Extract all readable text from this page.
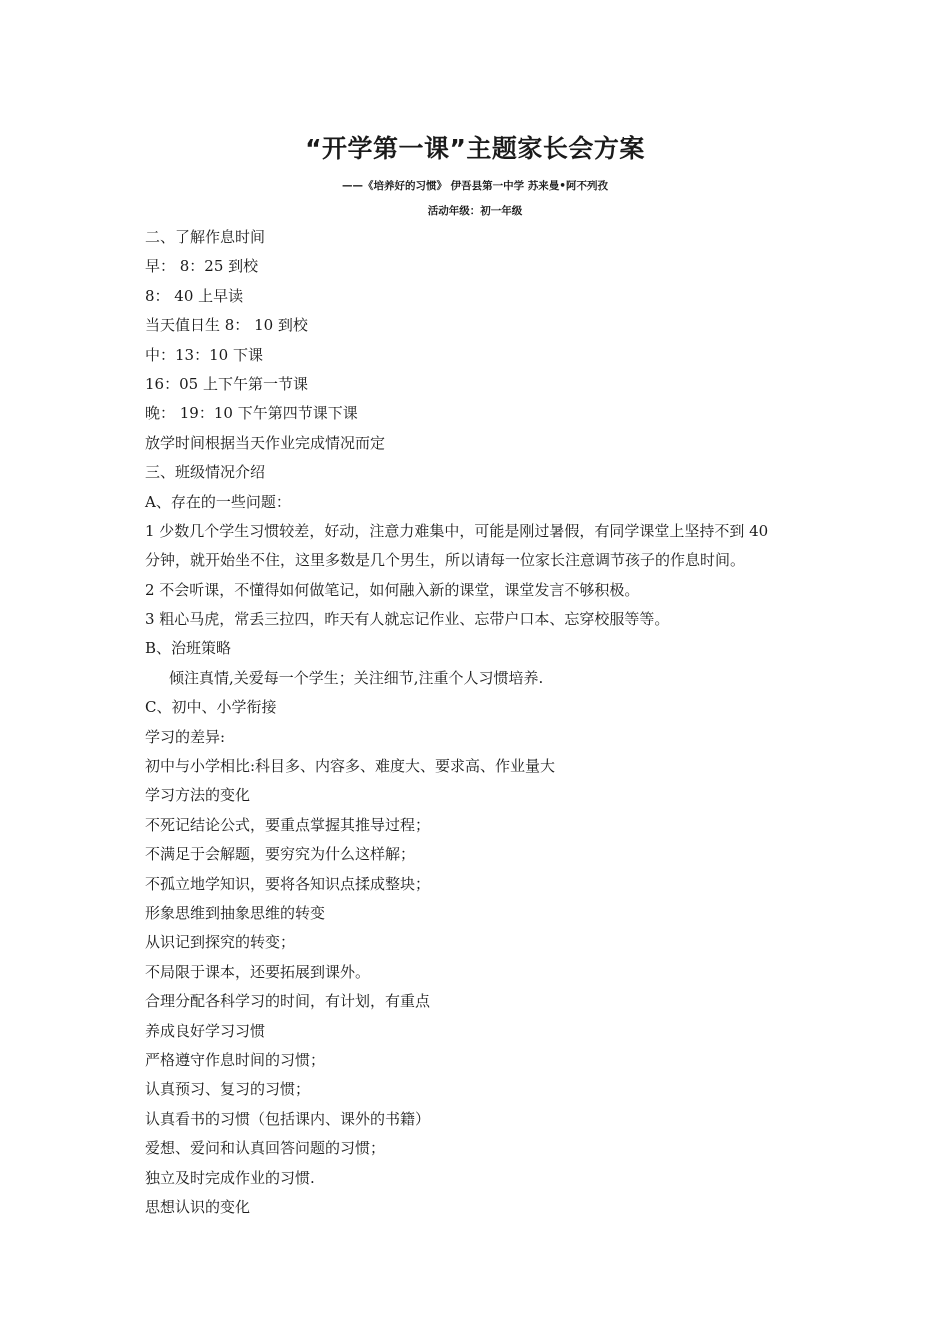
“开学第一课”主题家长会方案
——《培养好的习惯》 伊吾县第一中学 苏来曼•阿不列孜
活动年级：初一年级
二、了解作息时间
早： 8：25 到校
8： 40 上早读
当天值日生 8： 10 到校
中：13：10 下课
16：05 上下午第一节课
晚： 19：10 下午第四节课下课
放学时间根据当天作业完成情况而定
三、班级情况介绍
A、存在的一些问题：
1 少数几个学生习惯较差，好动，注意力难集中，可能是刚过暑假，有同学课堂上坚持不到 40
分钟，就开始坐不住，这里多数是几个男生，所以请每一位家长注意调节孩子的作息时间。
2 不会听课，不懂得如何做笔记，如何融入新的课堂，课堂发言不够积极。
3 粗心马虎，常丢三拉四，昨天有人就忘记作业、忘带户口本、忘穿校服等等。
B、治班策略
倾注真情,关爱每一个学生；关注细节,注重个人习惯培养.
C、初中、小学衔接
学习的差异:
初中与小学相比:科目多、内容多、难度大、要求高、作业量大
学习方法的变化
不死记结论公式，要重点掌握其推导过程；
不满足于会解题，要穷究为什么这样解；
不孤立地学知识，要将各知识点揉成整块；
形象思维到抽象思维的转变
从识记到探究的转变；
不局限于课本，还要拓展到课外。
合理分配各科学习的时间，有计划，有重点
养成良好学习习惯
严格遵守作息时间的习惯；
认真预习、复习的习惯；
认真看书的习惯（包括课内、课外的书籍）
爱想、爱问和认真回答问题的习惯；
独立及时完成作业的习惯.
思想认识的变化
